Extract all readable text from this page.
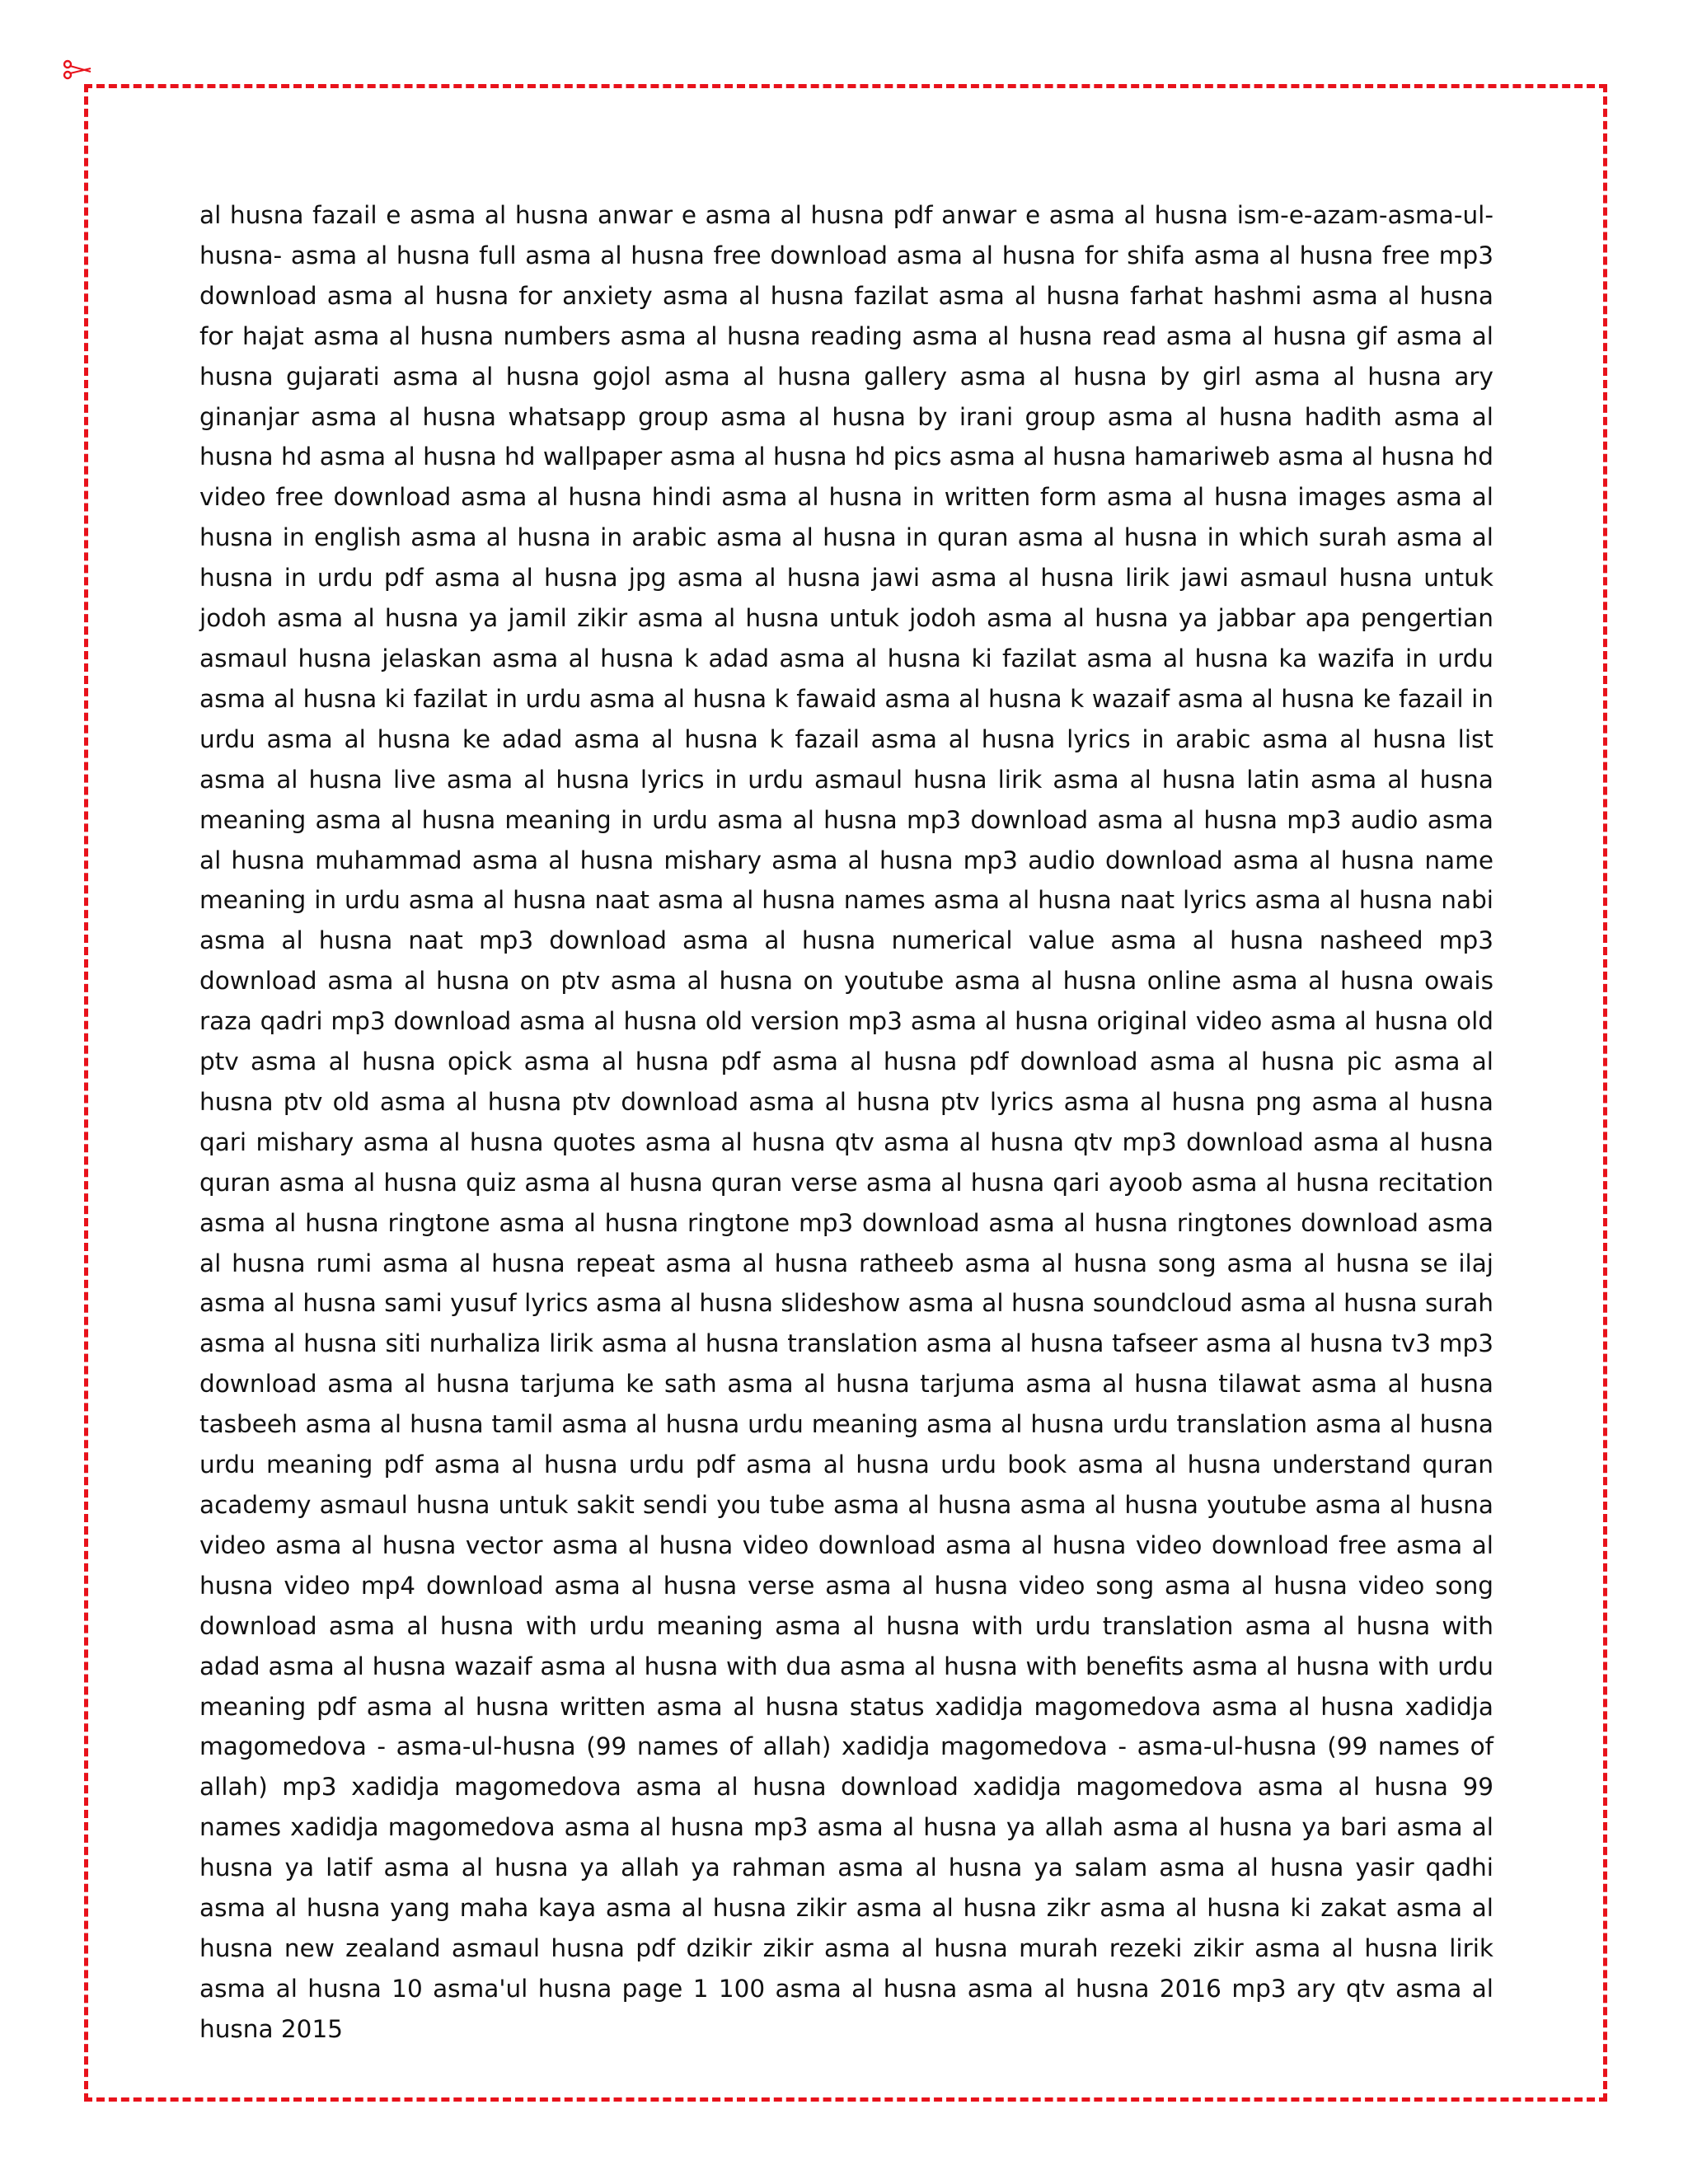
al husna fazail e asma al husna anwar e asma al husna pdf anwar e asma al husna ism-e-azam-asma-ul-husna- asma al husna full asma al husna free download asma al husna for shifa asma al husna free mp3 download asma al husna for anxiety asma al husna fazilat asma al husna farhat hashmi asma al husna for hajat asma al husna numbers asma al husna reading asma al husna read asma al husna gif asma al husna gujarati asma al husna gojol asma al husna gallery asma al husna by girl asma al husna ary ginanjar asma al husna whatsapp group asma al husna by irani group asma al husna hadith asma al husna hd asma al husna hd wallpaper asma al husna hd pics asma al husna hamariweb asma al husna hd video free download asma al husna hindi asma al husna in written form asma al husna images asma al husna in english asma al husna in arabic asma al husna in quran asma al husna in which surah asma al husna in urdu pdf asma al husna jpg asma al husna jawi asma al husna lirik jawi asmaul husna untuk jodoh asma al husna ya jamil zikir asma al husna untuk jodoh asma al husna ya jabbar apa pengertian asmaul husna jelaskan asma al husna k adad asma al husna ki fazilat asma al husna ka wazifa in urdu asma al husna ki fazilat in urdu asma al husna k fawaid asma al husna k wazaif asma al husna ke fazail in urdu asma al husna ke adad asma al husna k fazail asma al husna lyrics in arabic asma al husna list asma al husna live asma al husna lyrics in urdu asmaul husna lirik asma al husna latin asma al husna meaning asma al husna meaning in urdu asma al husna mp3 download asma al husna mp3 audio asma al husna muhammad asma al husna mishary asma al husna mp3 audio download asma al husna name meaning in urdu asma al husna naat asma al husna names asma al husna naat lyrics asma al husna nabi asma al husna naat mp3 download asma al husna numerical value asma al husna nasheed mp3 download asma al husna on ptv asma al husna on youtube asma al husna online asma al husna owais raza qadri mp3 download asma al husna old version mp3 asma al husna original video asma al husna old ptv asma al husna opick asma al husna pdf asma al husna pdf download asma al husna pic asma al husna ptv old asma al husna ptv download asma al husna ptv lyrics asma al husna png asma al husna qari mishary asma al husna quotes asma al husna qtv asma al husna qtv mp3 download asma al husna quran asma al husna quiz asma al husna quran verse asma al husna qari ayoob asma al husna recitation asma al husna ringtone asma al husna ringtone mp3 download asma al husna ringtones download asma al husna rumi asma al husna repeat asma al husna ratheeb asma al husna song asma al husna se ilaj asma al husna sami yusuf lyrics asma al husna slideshow asma al husna soundcloud asma al husna surah asma al husna siti nurhaliza lirik asma al husna translation asma al husna tafseer asma al husna tv3 mp3 download asma al husna tarjuma ke sath asma al husna tarjuma asma al husna tilawat asma al husna tasbeeh asma al husna tamil asma al husna urdu meaning asma al husna urdu translation asma al husna urdu meaning pdf asma al husna urdu pdf asma al husna urdu book asma al husna understand quran academy asmaul husna untuk sakit sendi you tube asma al husna asma al husna youtube asma al husna video asma al husna vector asma al husna video download asma al husna video download free asma al husna video mp4 download asma al husna verse asma al husna video song asma al husna video song download asma al husna with urdu meaning asma al husna with urdu translation asma al husna with adad asma al husna wazaif asma al husna with dua asma al husna with benefits asma al husna with urdu meaning pdf asma al husna written asma al husna status xadidja magomedova asma al husna xadidja magomedova - asma-ul-husna (99 names of allah) xadidja magomedova - asma-ul-husna (99 names of allah) mp3 xadidja magomedova asma al husna download xadidja magomedova asma al husna 99 names xadidja magomedova asma al husna mp3 asma al husna ya allah asma al husna ya bari asma al husna ya latif asma al husna ya allah ya rahman asma al husna ya salam asma al husna yasir qadhi asma al husna yang maha kaya asma al husna zikir asma al husna zikr asma al husna ki zakat asma al husna new zealand asmaul husna pdf dzikir zikir asma al husna murah rezeki zikir asma al husna lirik asma al husna 10 asma'ul husna page 1 100 asma al husna asma al husna 2016 mp3 ary qtv asma al husna 2015
